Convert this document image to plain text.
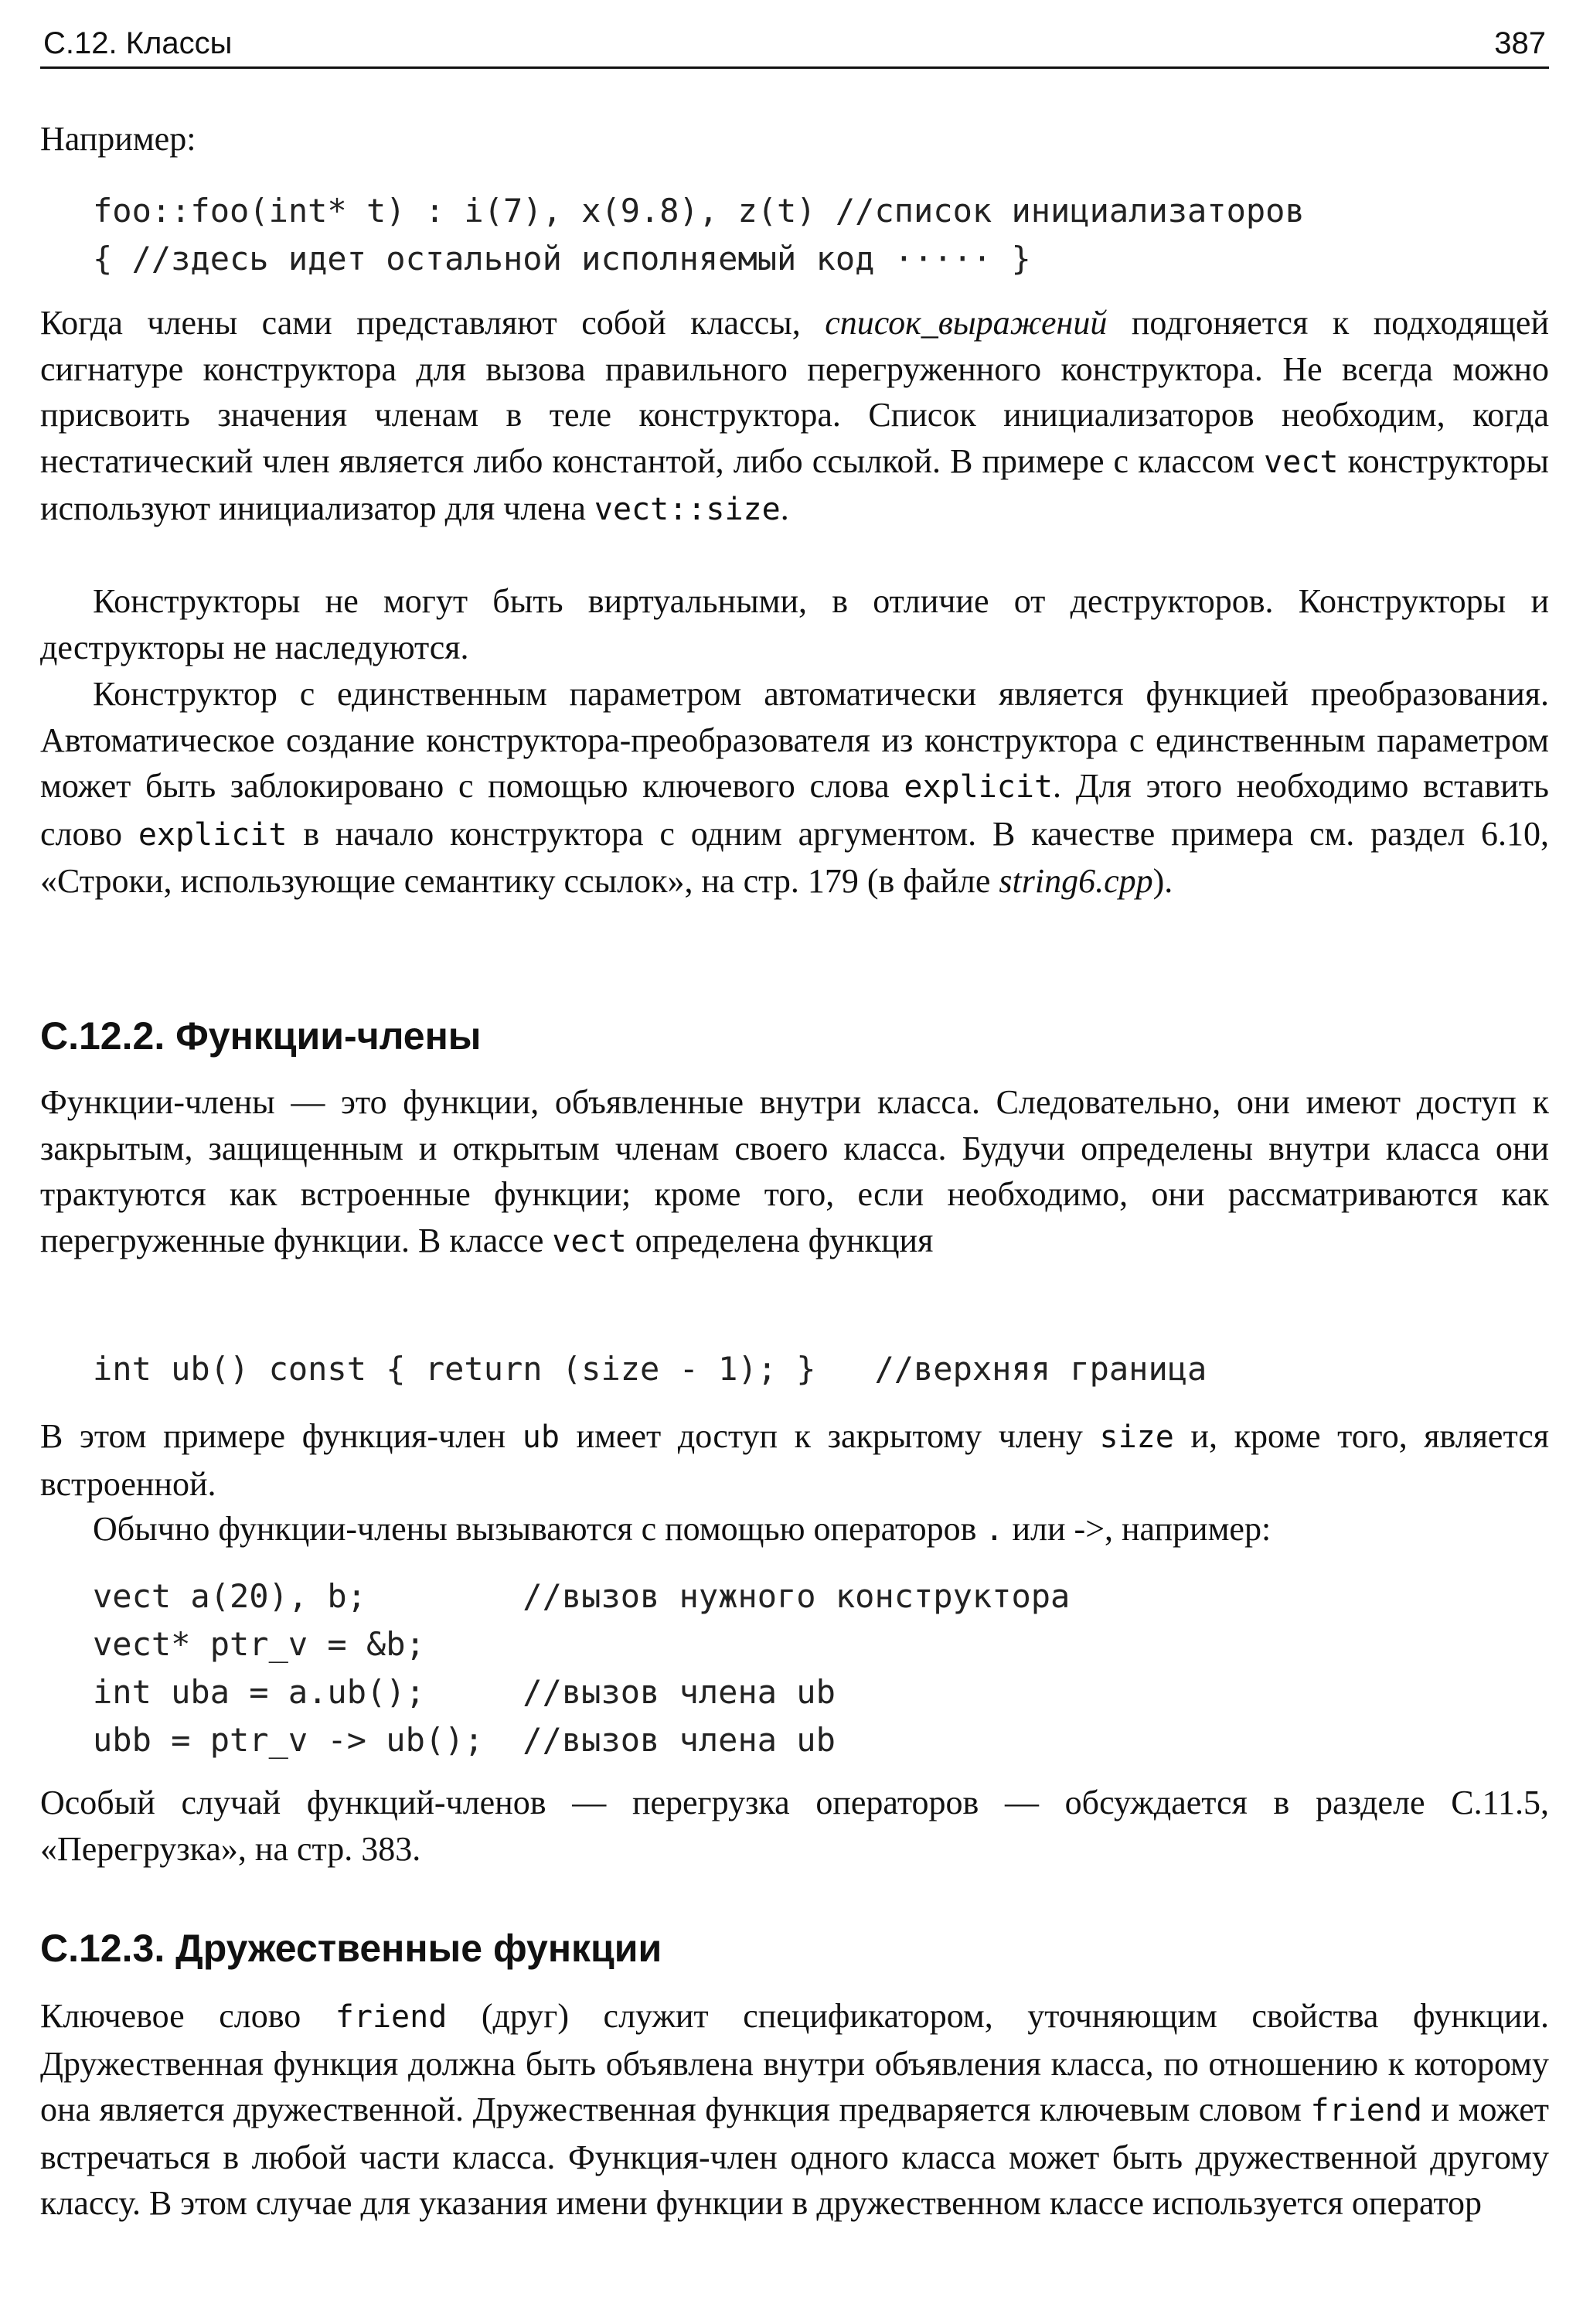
С.12. Классы	387

Например:

foo::foo(int* t) : i(7), x(9.8), z(t) //список инициализаторов
{ //здесь идет остальной исполняемый код ····· }

Когда члены сами представляют собой классы, список_выражений подгоняется к подходящей сигнатуре конструктора для вызова правильного перегруженного конструктора. Не всегда можно присвоить значения членам в теле конструктора. Список инициализаторов необходим, когда нестатический член является либо константой, либо ссылкой. В примере с классом vect конструкторы используют инициализатор для члена vect::size.

Конструкторы не могут быть виртуальными, в отличие от деструкторов. Конструкторы и деструкторы не наследуются.

Конструктор с единственным параметром автоматически является функцией преобразования. Автоматическое создание конструктора-преобразователя из конструктора с единственным параметром может быть заблокировано с помощью ключевого слова explicit. Для этого необходимо вставить слово explicit в начало конструктора с одним аргументом. В качестве примера см. раздел 6.10, «Строки, использующие семантику ссылок», на стр. 179 (в файле string6.cpp).

С.12.2. Функции-члены

Функции-члены — это функции, объявленные внутри класса. Следовательно, они имеют доступ к закрытым, защищенным и открытым членам своего класса. Будучи определены внутри класса они трактуются как встроенные функции; кроме того, если необходимо, они рассматриваются как перегруженные функции. В классе vect определена функция

int ub() const { return (size - 1); }   //верхняя граница

В этом примере функция-член ub имеет доступ к закрытому члену size и, кроме того, является встроенной.

Обычно функции-члены вызываются с помощью операторов . или ->, например:

vect a(20), b;        //вызов нужного конструктора
vect* ptr_v = &b;
int uba = a.ub();     //вызов члена ub
ubb = ptr_v -> ub();  //вызов члена ub

Особый случай функций-членов — перегрузка операторов — обсуждается в разделе С.11.5, «Перегрузка», на стр. 383.

С.12.3. Дружественные функции

Ключевое слово friend (друг) служит спецификатором, уточняющим свойства функции. Дружественная функция должна быть объявлена внутри объявления класса, по отношению к которому она является дружественной. Дружественная функция предваряется ключевым словом friend и может встречаться в любой части класса. Функция-член одного класса может быть дружественной другому классу. В этом случае для указания имени функции в дружественном классе используется оператор
